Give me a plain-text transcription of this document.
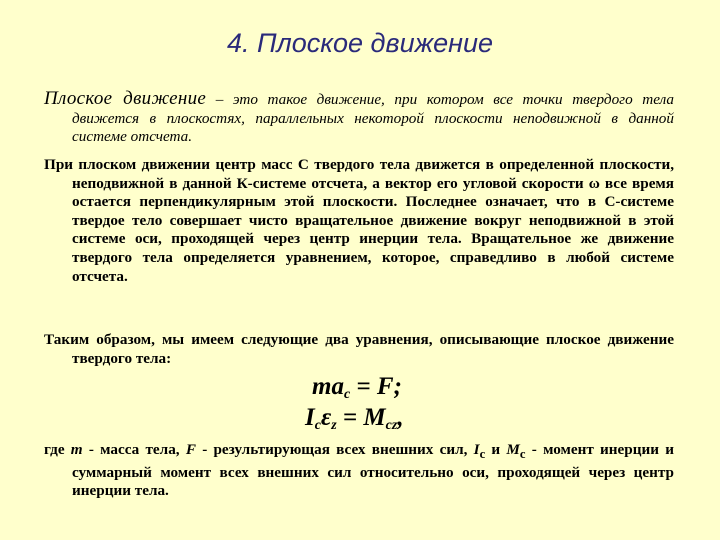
4. Плоское движение
Плоское движение – это такое движение, при котором все точки твердого тела движется в плоскостях, параллельных некоторой плоскости неподвижной в данной системе отсчета.
При плоском движении центр масс С твердого тела движется в определенной плоскости, неподвижной в данной К-системе отсчета, а вектор его угловой скорости ω все время остается перпендикулярным этой плоскости. Последнее означает, что в С-системе твердое тело совершает чисто вращательное движение вокруг неподвижной в этой системе оси, проходящей через центр инерции тела. Вращательное же движение твердого тела определяется уравнением, которое, справедливо в любой системе отсчета.
Таким образом, мы имеем следующие два уравнения, описывающие плоское движение твердого тела:
$ma_c = F$;
$I_c\varepsilon_z = M_{cz}$,
где m - масса тела, F - результирующая всех внешних сил, $I_c$ и $M_c$ - момент инерции и суммарный момент всех внешних сил относительно оси, проходящей через центр инерции тела.
